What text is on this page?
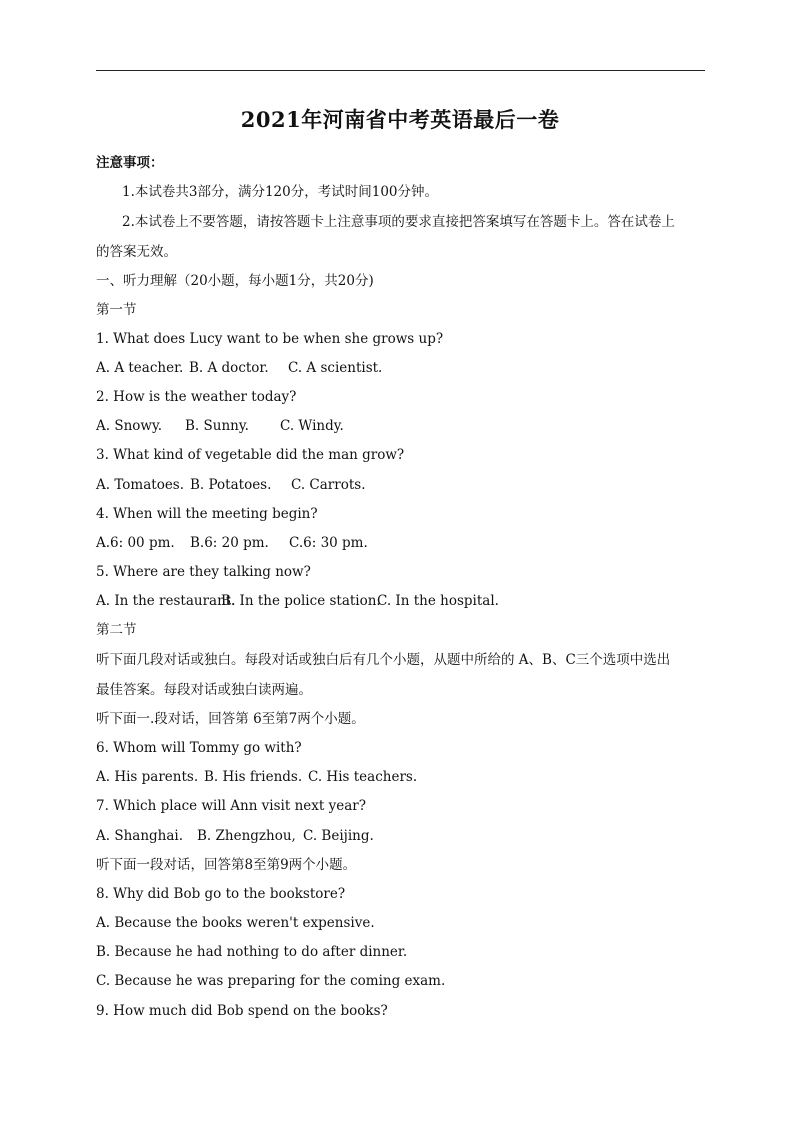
2021年河南省中考英语最后一卷
注意事项：
1.本试卷共3部分，满分120分，考试时间100分钟。
2.本试卷上不要答题，请按答题卡上注意事项的要求直接把答案填写在答题卡上。答在试卷上
的答案无效。
一、听力理解（20小题，每小题1分，共20分)
第一节
1. What does Lucy want to be when she grows up?
A. A teacher. B. A doctor. C. A scientist.
2. How is the weather today?
A. Snowy. B. Sunny. C. Windy.
3. What kind of vegetable did the man grow?
A. Tomatoes. B. Potatoes. C. Carrots.
4. When will the meeting begin?
A.6: 00 pm. B.6: 20 pm. C.6: 30 pm.
5. Where are they talking now?
A. In the restaurant.B. In the police station.C. In the hospital.
第二节
听下面几段对话或独白。每段对话或独白后有几个小题，从题中所给的 A、B、C三个选项中选出
最佳答案。每段对话或独白读两遍。
听下面一.段对话，回答第 6至第7两个小题。
6. Whom will Tommy go with?
A. His parents. B. His friends. C. His teachers.
7. Which place will Ann visit next year?
A. Shanghai. B. Zhengzhou, C. Beijing.
听下面一段对话，回答第8至第9两个小题。
8. Why did Bob go to the bookstore?
A. Because the books weren't expensive.
B. Because he had nothing to do after dinner.
C. Because he was preparing for the coming exam.
9. How much did Bob spend on the books?
